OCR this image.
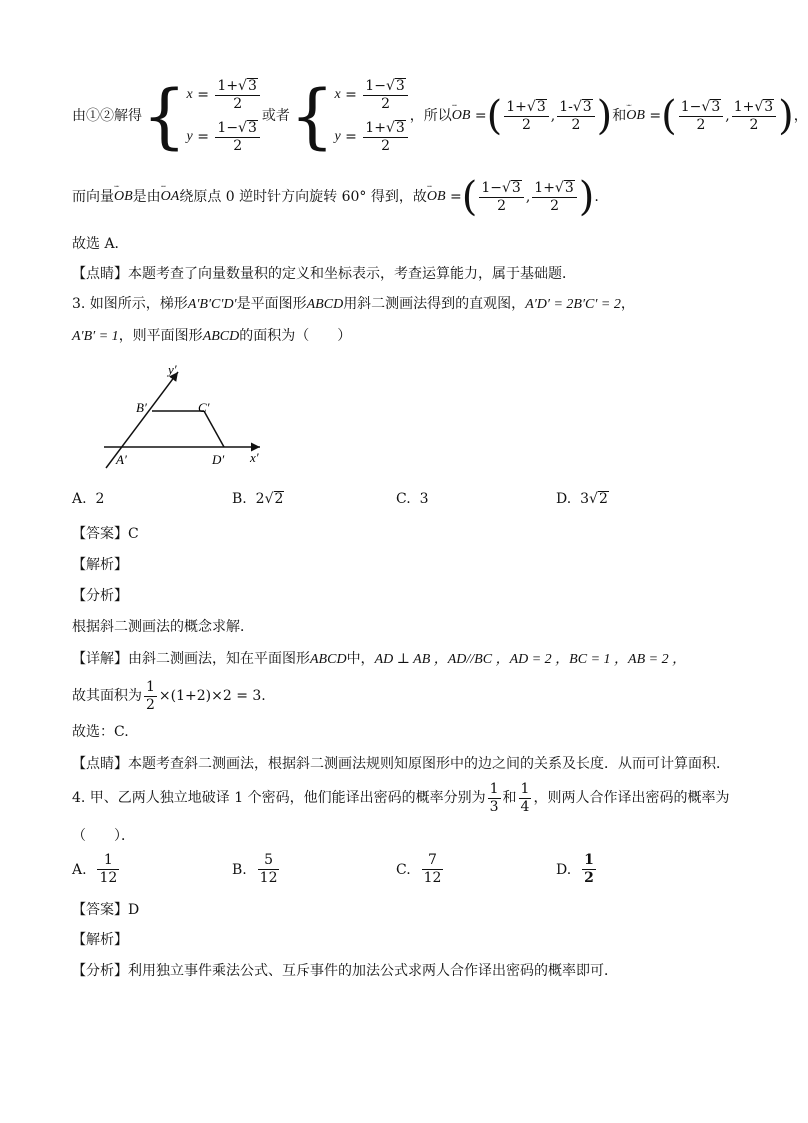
由①②解得 { $x = \frac{1+√3}{2}$
$y = \frac{1-√3}{2}$
或者 { $x = \frac{1-√3}{2}$
$y = \frac{1+√3}{2}$
，所以 ᵕᵕᵕ OB = ( $\frac{1+√3}{2}$ , $\frac{1-√3}{2}$ ) 和 ᵕᵕᵕ OB = ( $\frac{1-√3}{2}$ , $\frac{1+√3}{2}$ ) ，
而向量 ᵕᵕᵕ OB 是由 ᵕᵕᵕ OA 绕原点 0 逆时针方向旋转 60° 得到，故 ᵕᵕᵕ OB = ( $\frac{1-√3}{2}$ , $\frac{1+√3}{2}$ ) .
故选 A．
【点睛】本题考查了向量数量积的定义和坐标表示，考查运算能力，属于基础题．
3. 如图所示，梯形A′B′C′D′是平面图形ABCD用斜二测画法得到的直观图，A′D′ = 2B′C′ = 2，
A′B′ = 1，则平面图形ABCD的面积为（　　）
y′
x′
A′
B′	C′
D′
A. 2	B. 2√2	C. 3	D. 3√2
【答案】C
【解析】
【分析】
根据斜二测画法的概念求解．
【详解】由斜二测画法，知在平面图形ABCD中，AD ⊥ AB ，AD//BC ，AD = 2 ，BC = 1 ，AB = 2 ，
故其面积为 $\frac{1}{2} \times(1+2)\times 2 = 3$ .
故选：C.
【点睛】本题考查斜二测画法，根据斜二测画法规则知原图形中的边之间的关系及长度．从而可计算面积．
4. 甲、乙两人独立地破译 1 个密码，他们能译出密码的概率分别为 $\frac{1}{3}$ 和 $\frac{1}{4}$ ，则两人合作译出密码的概率为
（　　）．
A.
$\frac{1}{12}$	B.
$\frac{5}{12}$	C.
$\frac{7}{12}$	D.
$\frac{1}{2}$
【答案】D
【解析】
【分析】利用独立事件乘法公式、互斥事件的加法公式求两人合作译出密码的概率即可．
